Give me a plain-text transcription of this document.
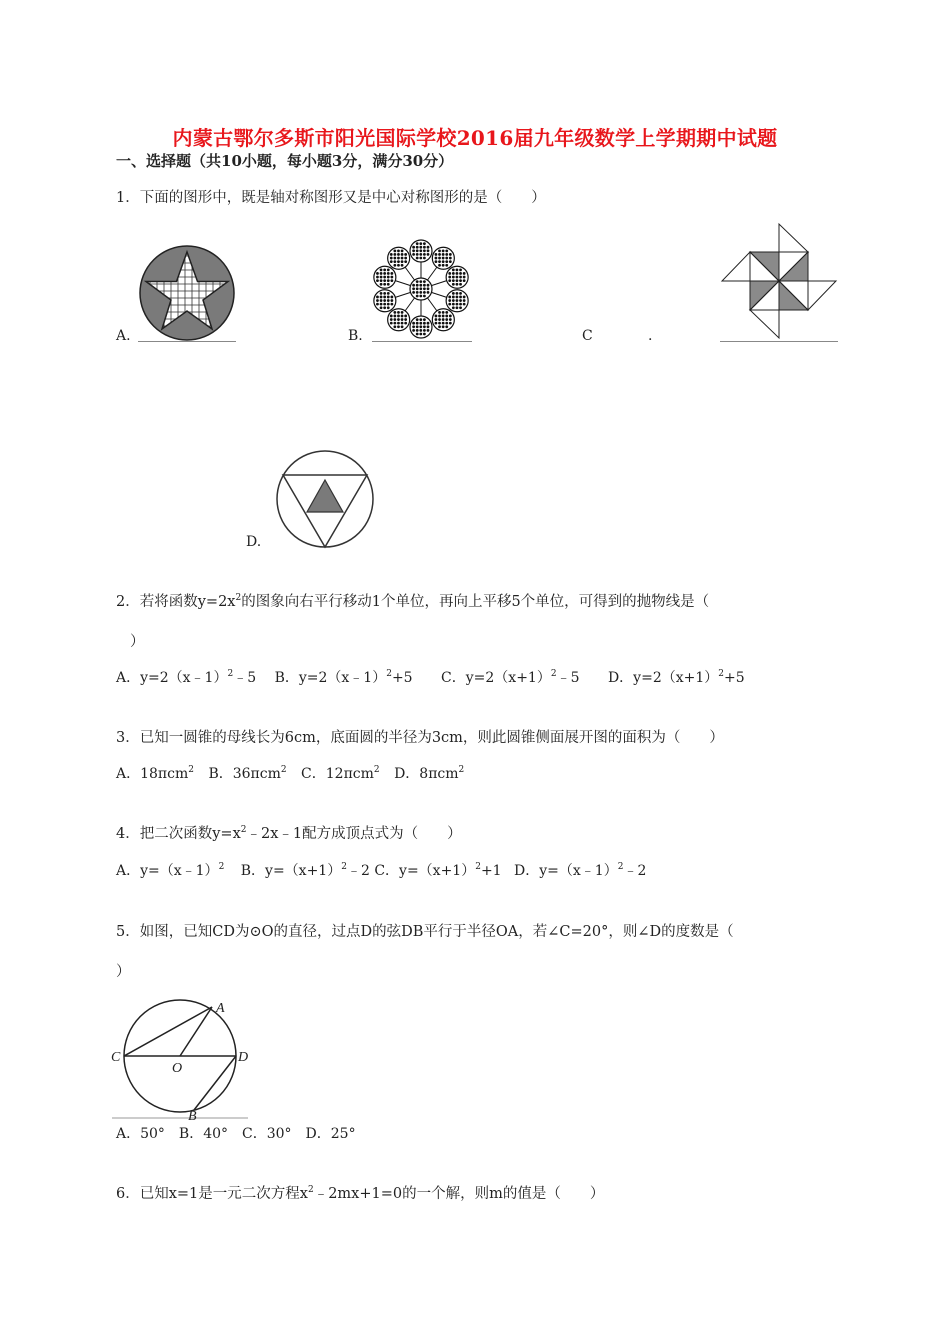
内蒙古鄂尔多斯市阳光国际学校2016届九年级数学上学期期中试题
一、选择题（共10小题，每小题3分，满分30分）
1．下面的图形中，既是轴对称图形又是中心对称图形的是（　　）
A.	B.	C	.
D.
2．若将函数$y=2x^2$的图象向右平行移动1个单位，再向上平移5个单位，可得到的抛物线是（
）
A．y=2（x﹣1）$^2$﹣5 B．y=2（x﹣1）$^2$+5 C．$y=2(x+1)^2﹣5$ D．$y=2(x+1)^2+5$
3．已知一圆锥的母线长为6cm，底面圆的半径为3cm，则此圆锥侧面展开图的面积为（　　）
A．18πcm$^2$ B．36πcm$^2$ C．12πcm$^2$ D．8πcm$^2$
4．把二次函数$y=x^2﹣2x﹣1$配方成顶点式为（　　）
A．y=（x﹣1）$^2$ B．$y=(x+1)^2﹣2$ C．$y=(x+1)^2+1$ D．y=（x﹣1）$^2$﹣2
5．如图，已知CD为⊙O的直径，过点D的弦DB平行于半径OA，若∠C=20°，则∠D的度数是（
）
A
C	D
O
B
A．50°　B．40°　C．30°　D．25°
6．已知x=1是一元二次方程$x^2﹣2mx+1=0$的一个解，则m的值是（　　）
